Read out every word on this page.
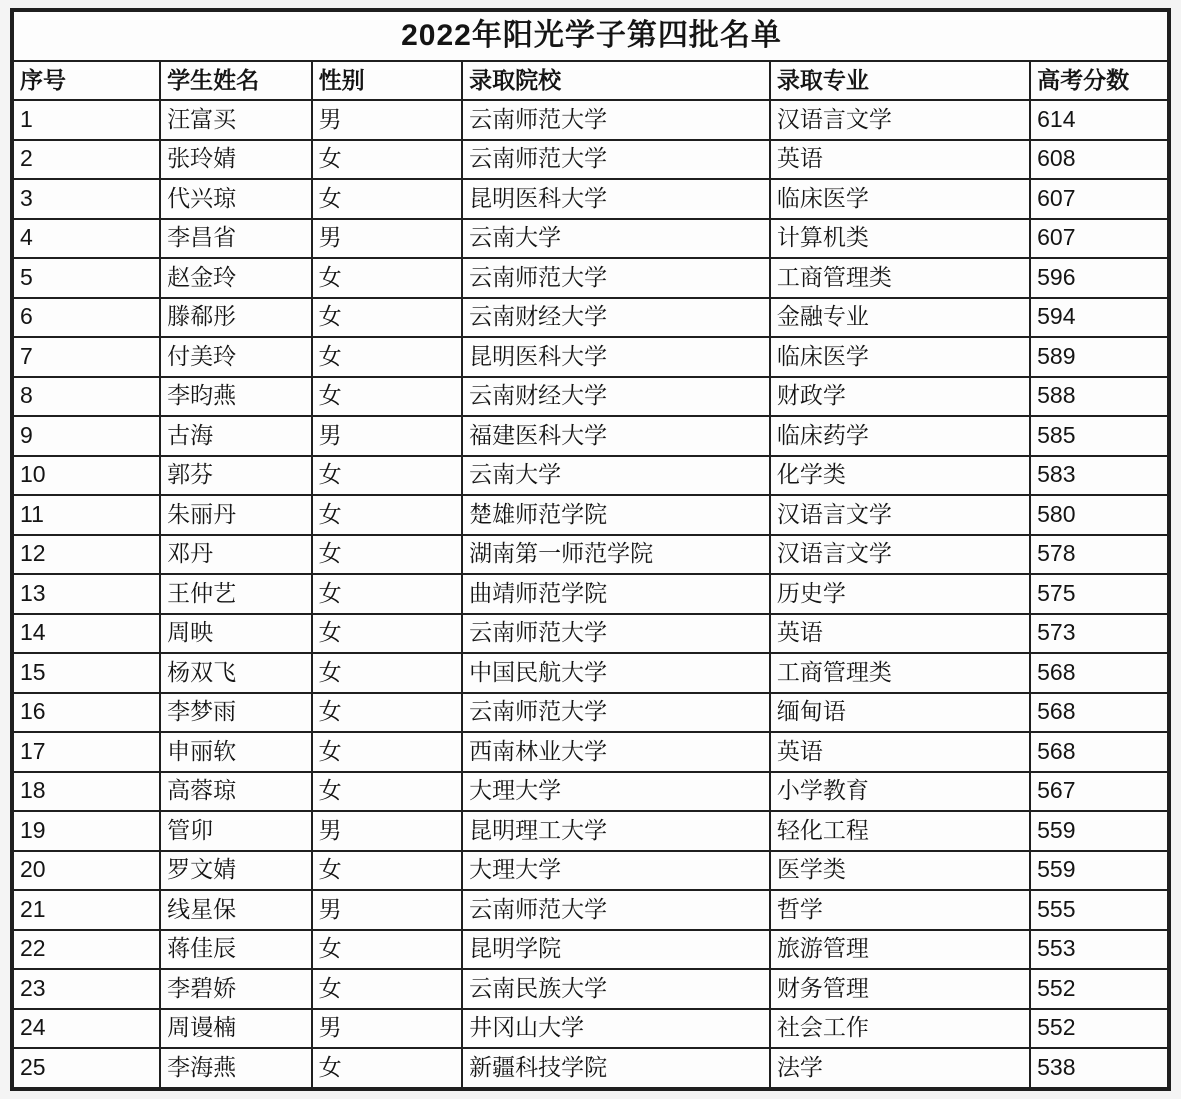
2022年阳光学子第四批名单					
序号	学生姓名	性别	录取院校	录取专业	高考分数
1	汪富买	男	云南师范大学	汉语言文学	614
2	张玲婧	女	云南师范大学	英语	608
3	代兴琼	女	昆明医科大学	临床医学	607
4	李昌省	男	云南大学	计算机类	607
5	赵金玲	女	云南师范大学	工商管理类	596
6	滕郗彤	女	云南财经大学	金融专业	594
7	付美玲	女	昆明医科大学	临床医学	589
8	李昀燕	女	云南财经大学	财政学	588
9	古海	男	福建医科大学	临床药学	585
10	郭芬	女	云南大学	化学类	583
11	朱丽丹	女	楚雄师范学院	汉语言文学	580
12	邓丹	女	湖南第一师范学院	汉语言文学	578
13	王仲艺	女	曲靖师范学院	历史学	575
14	周映	女	云南师范大学	英语	573
15	杨双飞	女	中国民航大学	工商管理类	568
16	李梦雨	女	云南师范大学	缅甸语	568
17	申丽软	女	西南林业大学	英语	568
18	高蓉琼	女	大理大学	小学教育	567
19	管卯	男	昆明理工大学	轻化工程	559
20	罗文婧	女	大理大学	医学类	559
21	线星保	男	云南师范大学	哲学	555
22	蒋佳辰	女	昆明学院	旅游管理	553
23	李碧娇	女	云南民族大学	财务管理	552
24	周谩楠	男	井冈山大学	社会工作	552
25	李海燕	女	新疆科技学院	法学	538
